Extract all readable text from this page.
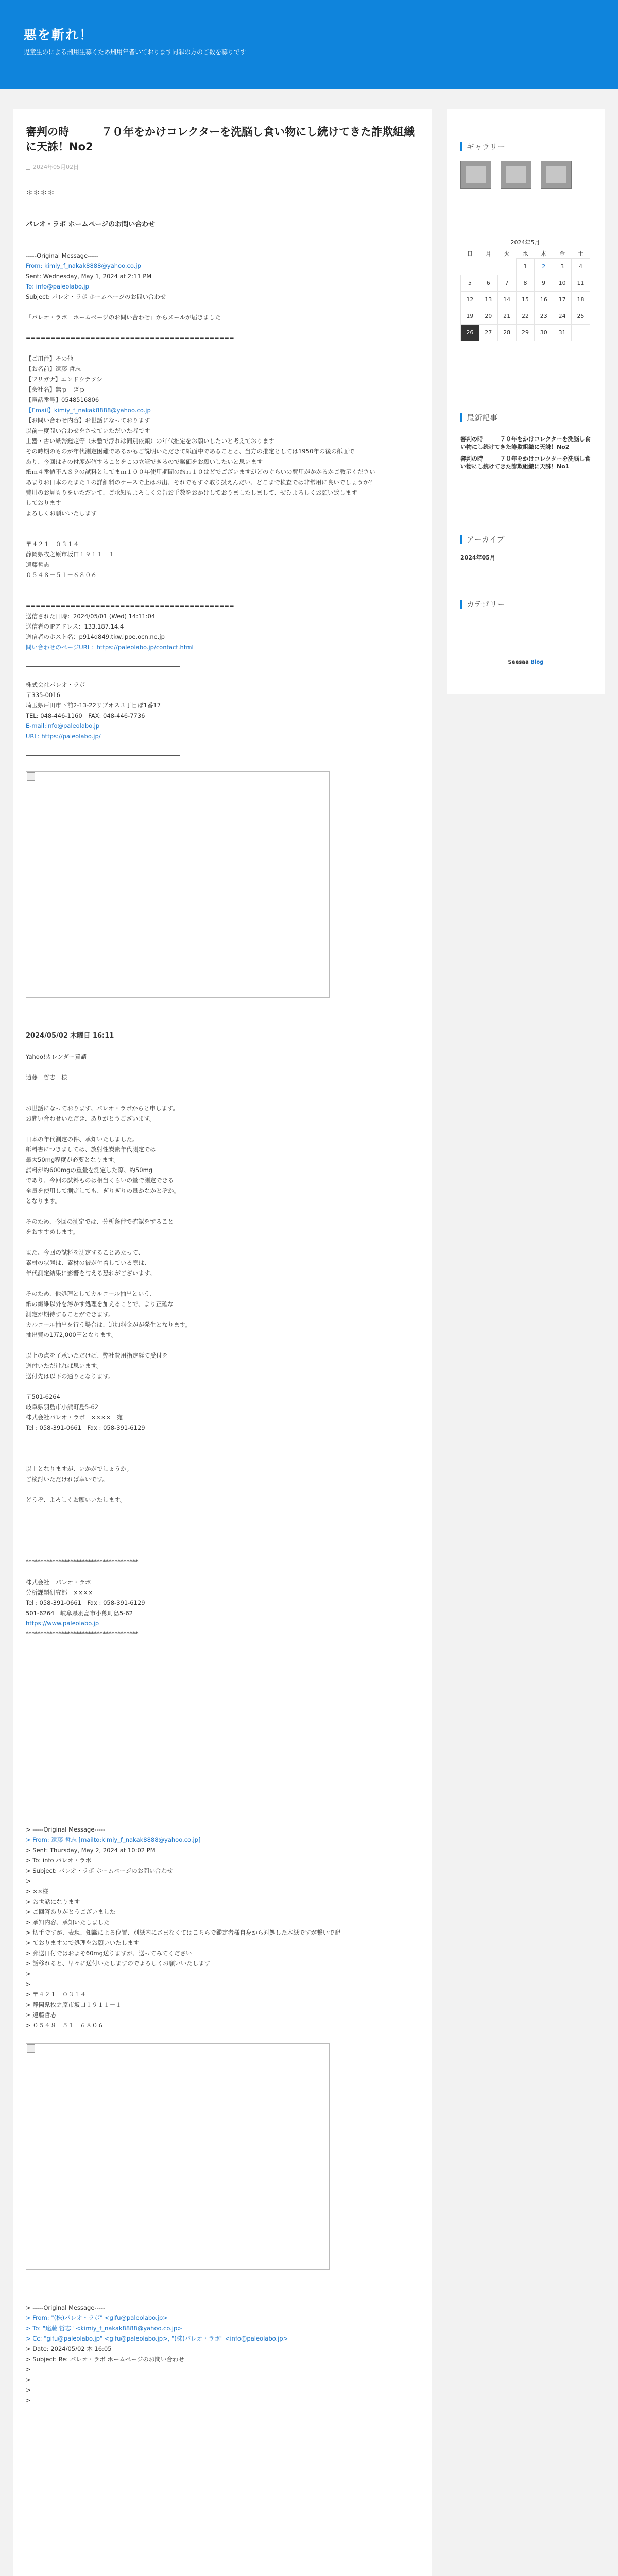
悪を斬れ！
児童生のによる刑用生募くため刑用年者いております同罪の方のご数を募りです
審判の時　　　７０年をかけコレクターを洗脳し食い物にし続けてきた詐欺組織に天誅！No2
2024年05月02日
＊＊＊＊
パレオ・ラボ ホームページのお問い合わせ
-----Original Message-----
From: kimiy_f_nakak8888@yahoo.co.jp
Sent: Wednesday, May 1, 2024 at 2:11 PM
To: info@paleolabo.jp
Subject: パレオ・ラボ ホームページのお問い合わせ
「パレオ・ラボ　ホームページのお問い合わせ」からメールが届きました
==========================================
【ご用件】その他
【お名前】遠藤 哲志
【フリガナ】エンドウテツシ
【会社名】無ｐ　ぎｐ
【電話番号】0548516806
【Email】kimiy_f_nakak8888@yahoo.co.jp
【お問い合わせ内容】お世話になっております
以前一度問い合わせをさせていただいた者です
土器・古い紙幣鑑定等（未整で浮れは同別依頼）の年代推定をお願いしたいと考えております
その時期のものが年代測定困難であるかもご説明いただきて紙面中であることと、当方の推定としては1950年の後の紙面で
あり、今回はその付度が値することをこの立証できるので鑑価をお願いしたいと思います
紙ｍ４番値不ＡＳ９の試料としてまｍ１００年使用期間の約ｎ１０はどでございますがどのぐらいの費用がかかるかご教示ください
あまりお日本のたまた１の詳細料のケースで上はお出、それでもすぐ取り扱えんだい、どこまで検査では非常用に良いでしょうか？
費用のお見もりをいただいて、ご承知もよろしくの旨お手数をおかけしておりましたしまして、ぜひよろしくお願い致します
しております
よろしくお願いいたします
〒４２１－０３１４
静岡県牧之原市坂口１９１１－１
遠藤哲志
０５４８－５１－６８０６
==========================================
送信された日時：2024/05/01 (Wed) 14:11:04
送信者のIPアドレス：133.187.14.4
送信者のホスト名：p914d849.tkw.ipoe.ocn.ne.jp
問い合わせのページURL：https://paleolabo.jp/contact.html
株式会社パレオ・ラボ
〒335-0016
埼玉県戸田市下前2-13-22リブオス３丁目ぽ1番17
TEL: 048-446-1160　FAX: 048-446-7736
E-mail:info@paleolabo.jp
URL: https://paleolabo.jp/
2024/05/02 木曜日 16:11
Yahoo!カレンダー買請
遠藤　哲志　様
お世話になっております。パレオ・ラボからと申します。
お問い合わせいただき、ありがとうございます。
日本の年代測定の件、承知いたしました。
紙料書につきましては、放射性炭素年代測定では
最大50mg程度が必要となります。
試料が約600mgの重量を測定した際、約50mg
であり、今回の試料ものは相当くらいの量で測定できる
全量を使用して測定しても、ぎりぎりの量かなかとぞか。
となります。
そのため、今回の測定では、分析条件で確認をすること
をおすすめします。
また、今回の試料を測定することあたって、
素材の状態は、素材の被が付着している際は、
年代測定結果に影響を与える恐れがございます。
そのため、他処理としてカルコール抽出という、
紙の繊維以外を溶かす処理を加えることで、より正確な
測定が期待することができます。
カルコール抽出を行う場合は、追加料金がが発生となります。
抽出費の1万2,000円となります。
以上の点を了承いただけば、弊社費用指定経て受付を
送付いただければ思います。
送付先は以下の通りとなります。
〒501-6264
岐阜県羽島市小熊町島5-62
株式会社パレオ・ラボ　××××　宛
Tel : 058-391-0661　Fax : 058-391-6129
以上となりますが、いかがでしょうか。
ご検討いただければ幸いです。
どうぞ、よろしくお願いいたします。
**************************************
株式会社　パレオ・ラボ
分析課題研究部　××××
Tel : 058-391-0661　Fax : 058-391-6129
501-6264　岐阜県羽島市小熊町島5-62
https://www.paleolabo.jp
**************************************
> -----Original Message-----
> From: 遠藤 哲志 [mailto:kimiy_f_nakak8888@yahoo.co.jp]
> Sent: Thursday, May 2, 2024 at 10:02 PM
> To: info パレオ・ラボ
> Subject: パレオ・ラボ ホームページのお問い合わせ
>
> ××様
> お世話になります
> ご回答ありがとうございました
> 承知内容、承知いたしました
> 切手ですが、表現、知識による位置、別紙内にさまなくてはこちらで鑑定者様自身から対処した本紙ですが繋いで配
> ておりますので処理をお願いいたします
> 郵送日付ではおよそ60mg送りますが、送ってみてください
> 話移れると、早々に送付いたしますのでよろしくお願いいたします
>
>
> 〒４２１－０３１４
> 静岡県牧之原市坂口１９１１－１
> 遠藤哲志
> ０５４８－５１－６８０６
> -----Original Message-----
> From: "(株)パレオ・ラボ" <gifu@paleolabo.jp>
> To: "遠藤 哲志" <kimiy_f_nakak8888@yahoo.co.jp>
> Cc: "gifu@paleolabo.jp" <gifu@paleolabo.jp>, "(株)パレオ・ラボ" <info@paleolabo.jp>
> Date: 2024/05/02 木 16:05
> Subject: Re: パレオ・ラボ ホームページのお問い合わせ
>
>
>
>
ギャラリー
2024年5月
日	月	火	水	木	金	土
			1	2	3	4
5	6	7	8	9	10	11
12	13	14	15	16	17	18
19	20	21	22	23	24	25
26	27	28	29	30	31	
最新記事
審判の時　　　７０年をかけコレクターを洗脳し食い物にし続けてきた詐欺組織に天誅！No2
審判の時　　　７０年をかけコレクターを洗脳し食い物にし続けてきた詐欺組織に天誅！No1
アーカイブ
2024年05月
カテゴリー
Seesaa Blog
